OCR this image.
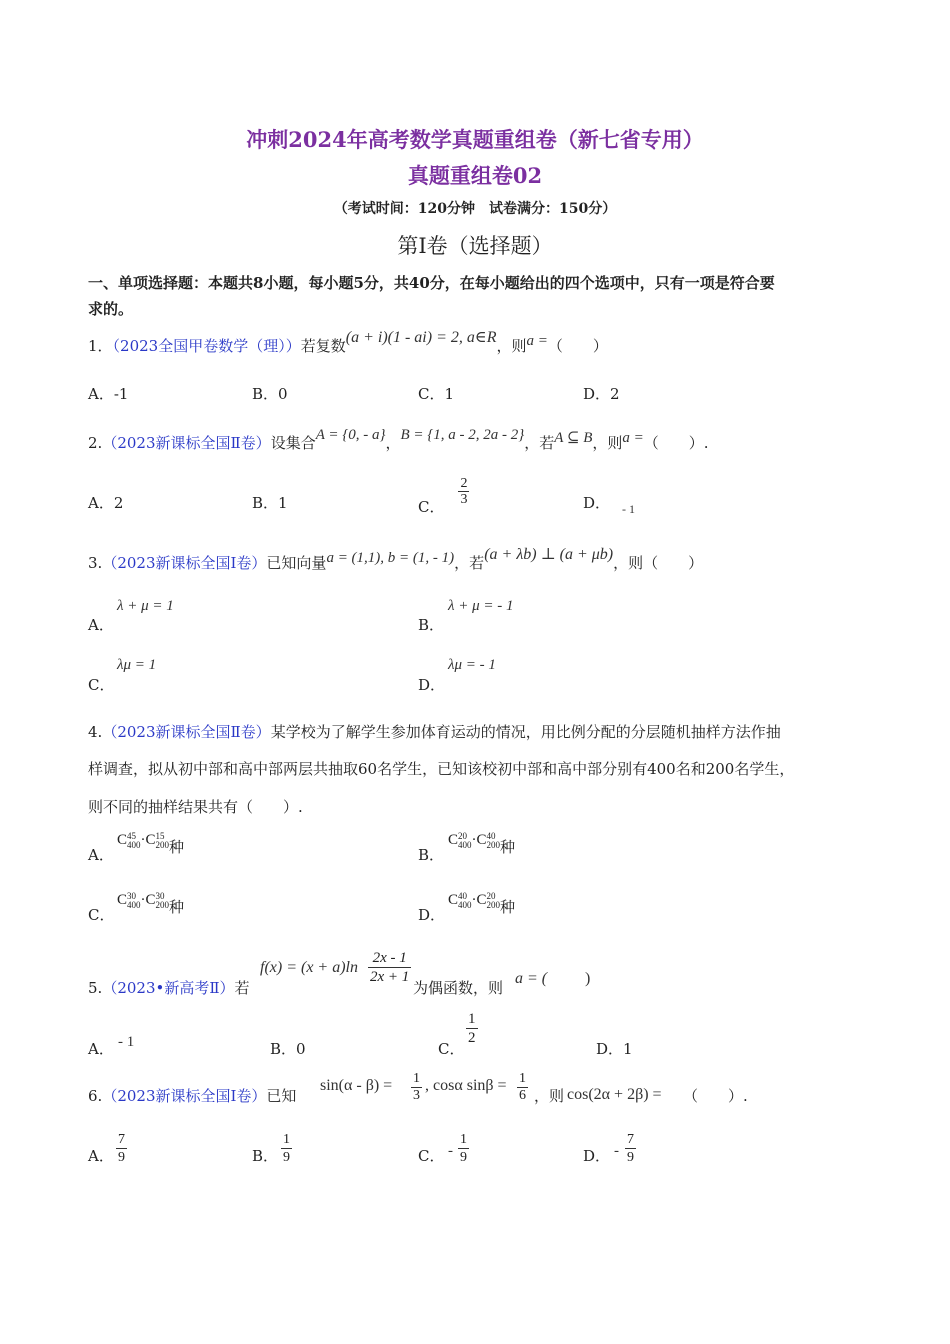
冲刺2024年高考数学真题重组卷（新七省专用）
真题重组卷02
（考试时间：120分钟　试卷满分：150分）
第I卷（选择题）
一、单项选择题：本题共8小题，每小题5分，共40分，在每小题给出的四个选项中，只有一项是符合要
求的。
1．（2023全国甲卷数学（理））若复数(a + i)(1 - ai) = 2, a∈R，则a =（　　）
A．-1	B．0	C．1	D．2
2.（2023新课标全国Ⅱ卷）设集合A = {0, - a}，B = {1, a - 2, 2a - 2}，若A ⊆ B，则a =（　　）.
A．2	B．1	C． $\frac{2}{3}$	D． $_{- 1}$
3.（2023新课标全国Ⅰ卷）已知向量a = (1,1), b = (1, - 1)，若(a + λb) ⊥ (a + μb)，则（　　）
A．
λ + μ = 1
B．
λ + μ = - 1
C．
λμ = 1
D．
λμ = - 1
4.（2023新课标全国Ⅱ卷）某学校为了解学生参加体育运动的情况，用比例分配的分层随机抽样方法作抽
样调查，拟从初中部和高中部两层共抽取60名学生，已知该校初中部和高中部分别有400名和200名学生，
则不同的抽样结果共有（　　）.
A．
C 45
400 ·C 15
200 种	B．
C 20
400 ·C 40
200 种
C．
C 30
400 ·C 30
200 种	D．
C 40
400 ·C 20
200 种
5.（2023•新高考Ⅱ）若
$f(x) = (x + a)\ln \frac{2x - 1}{2x + 1}$
为偶函数，则
a = ( )
A． - 1	B．0	C．
$\frac{1}{2}$
D．1
6.（2023新课标全国Ⅰ卷）已知
$\sin(\alpha - \beta) = \frac{1}{3}$ , cosα $\sin\beta = \frac{1}{6}$ ，则 cos(2α + 2β) = （　　）.
A． $\frac{7}{9}$	B． $\frac{1}{9}$	C． - $\frac{1}{9}$	D． - $\frac{7}{9}$
